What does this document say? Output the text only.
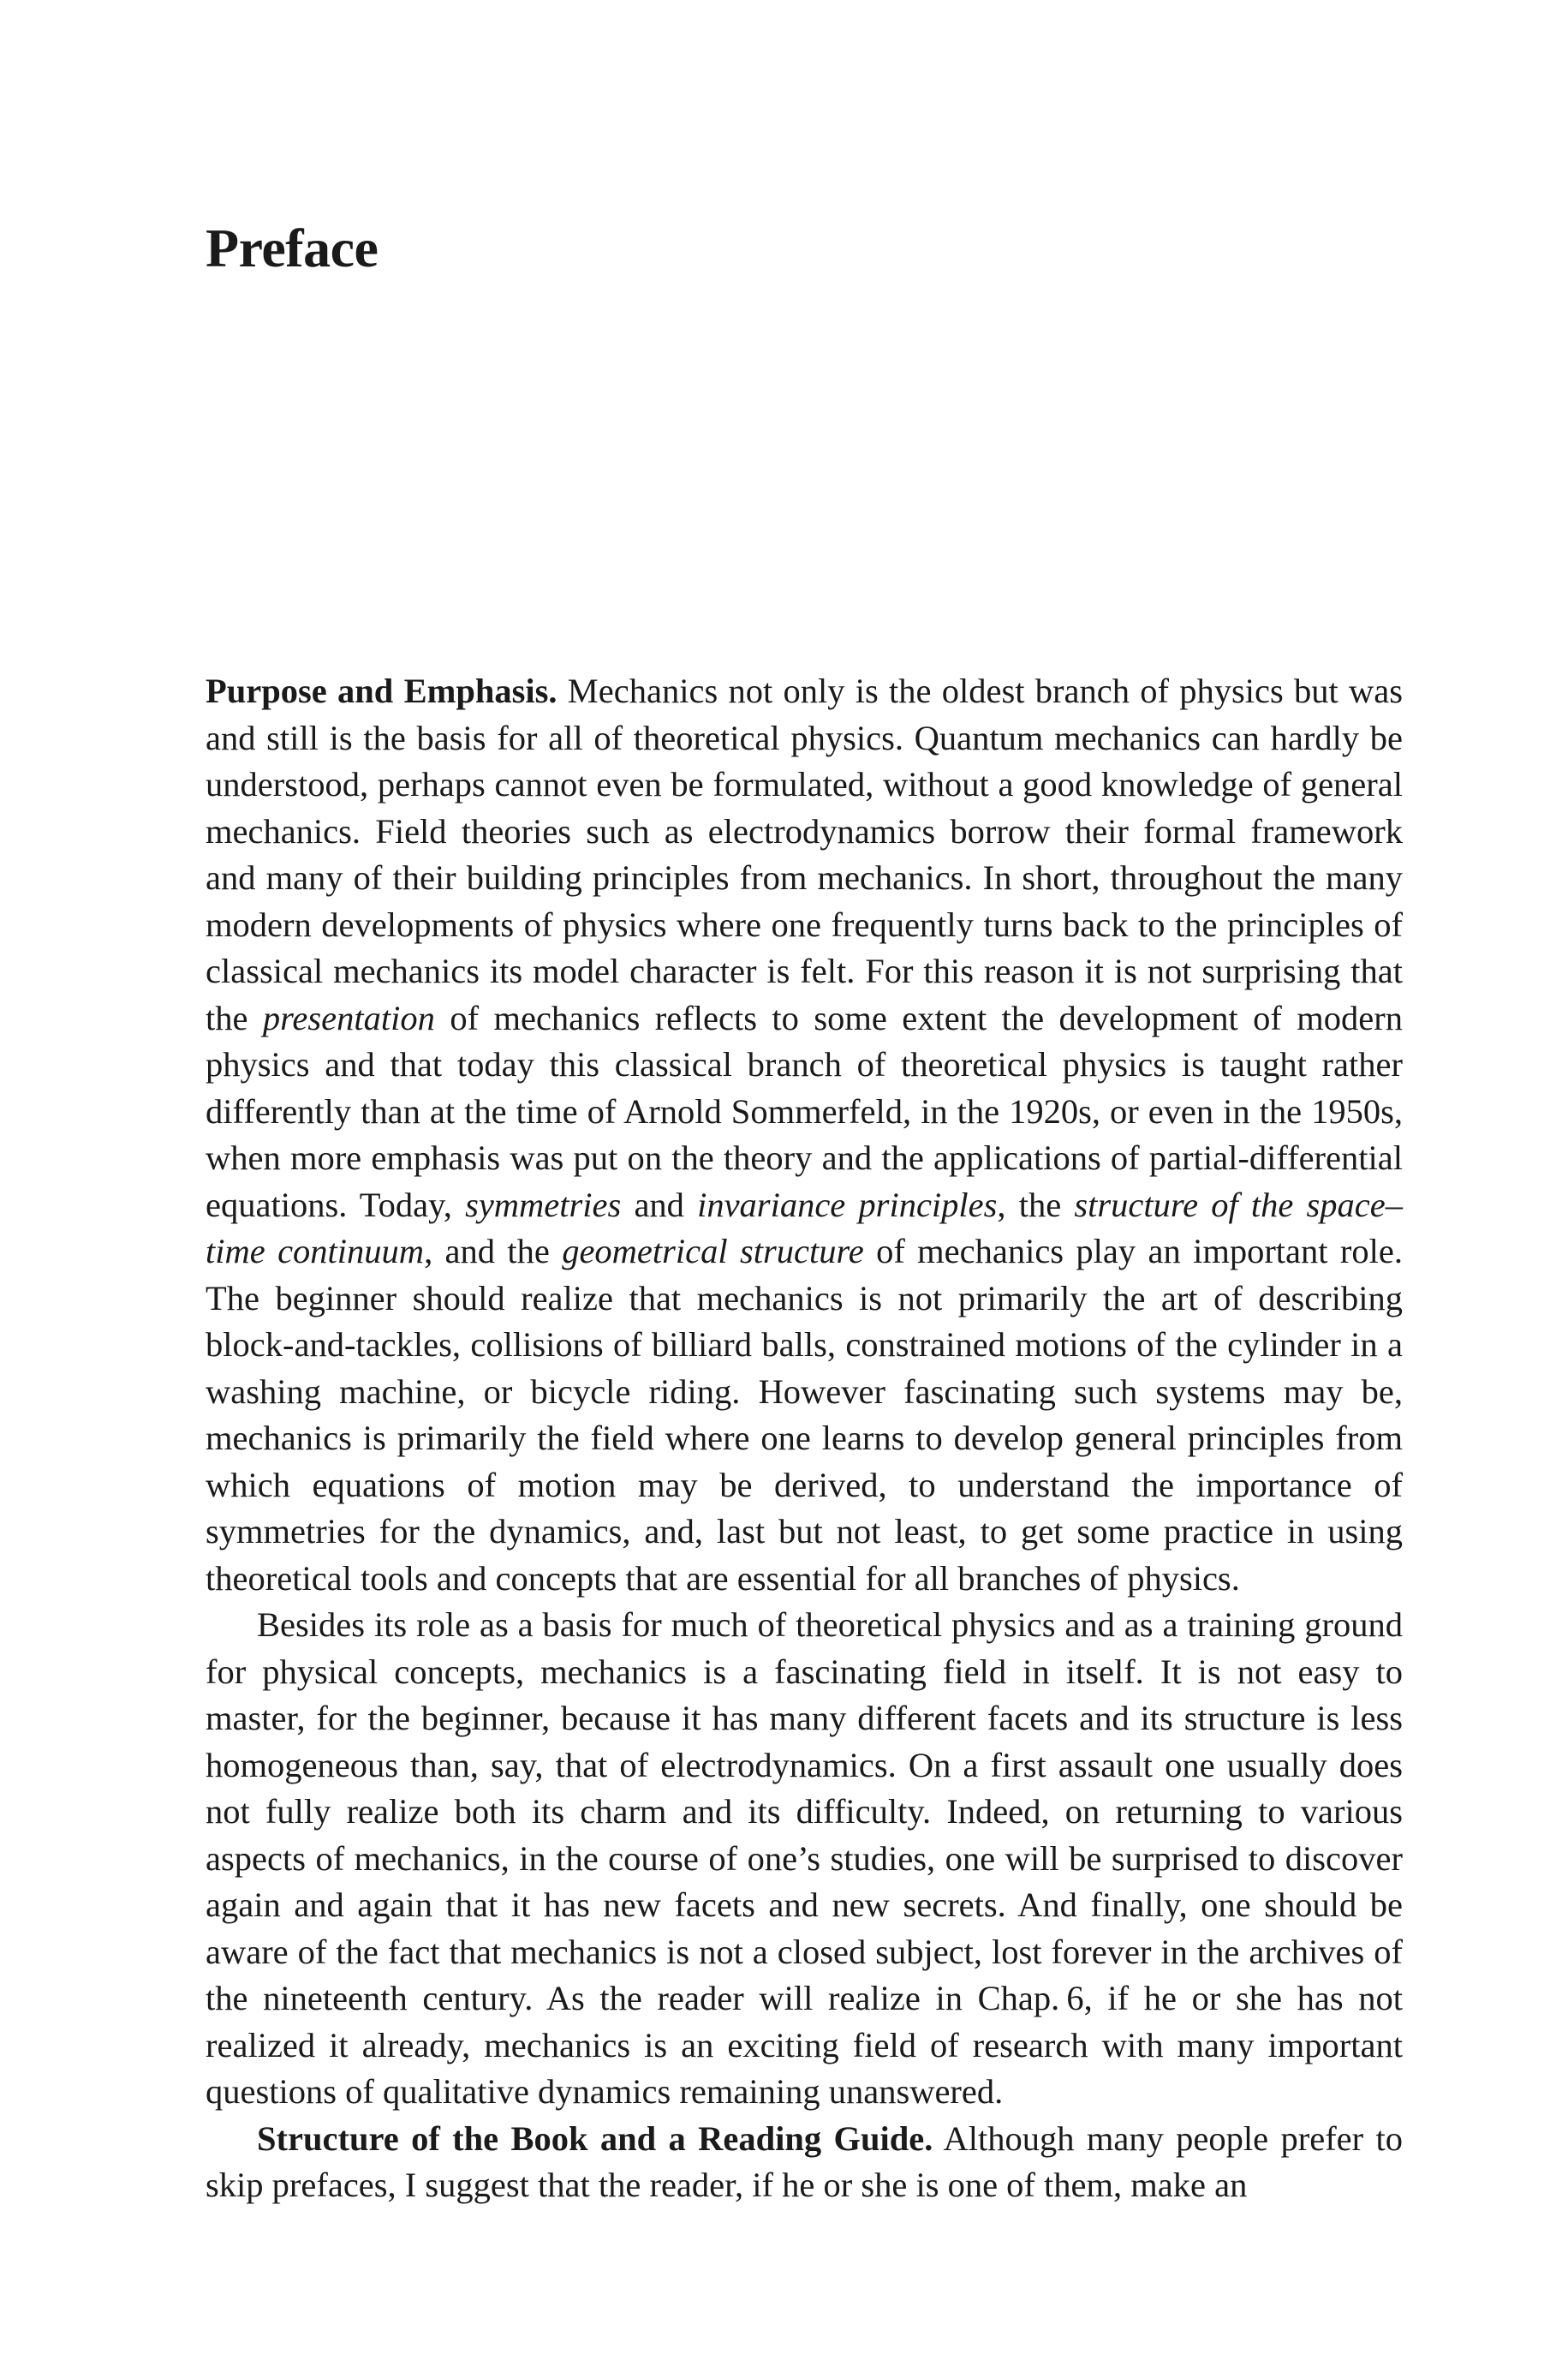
Preface

Purpose and Emphasis. Mechanics not only is the oldest branch of physics but was and still is the basis for all of theoretical physics. Quantum mechanics can hardly be understood, perhaps cannot even be formulated, without a good knowledge of general mechanics. Field theories such as electrodynamics borrow their formal framework and many of their building principles from mechanics. In short, throughout the many modern developments of physics where one frequently turns back to the principles of classical mechanics its model character is felt. For this reason it is not surprising that the presentation of mechanics reflects to some extent the development of modern physics and that today this classical branch of theoretical physics is taught rather differently than at the time of Arnold Sommerfeld, in the 1920s, or even in the 1950s, when more emphasis was put on the theory and the applications of partial-differential equations. Today, symmetries and invariance principles, the structure of the space–time continuum, and the geometrical structure of mechanics play an important role. The beginner should realize that mechanics is not primarily the art of describing block-and-tackles, collisions of billiard balls, constrained motions of the cylinder in a washing machine, or bicycle riding. However fascinating such systems may be, mechanics is primarily the field where one learns to develop general principles from which equations of motion may be derived, to understand the importance of symmetries for the dynamics, and, last but not least, to get some practice in using theoretical tools and concepts that are essential for all branches of physics.

Besides its role as a basis for much of theoretical physics and as a training ground for physical concepts, mechanics is a fascinating field in itself. It is not easy to master, for the beginner, because it has many different facets and its structure is less homogeneous than, say, that of electrodynamics. On a first assault one usually does not fully realize both its charm and its difficulty. Indeed, on returning to various aspects of mechanics, in the course of one’s studies, one will be surprised to discover again and again that it has new facets and new secrets. And finally, one should be aware of the fact that mechanics is not a closed subject, lost forever in the archives of the nineteenth century. As the reader will realize in Chap. 6, if he or she has not realized it already, mechanics is an exciting field of research with many important questions of qualitative dynamics remaining unanswered.

Structure of the Book and a Reading Guide. Although many people prefer to skip prefaces, I suggest that the reader, if he or she is one of them, make an
